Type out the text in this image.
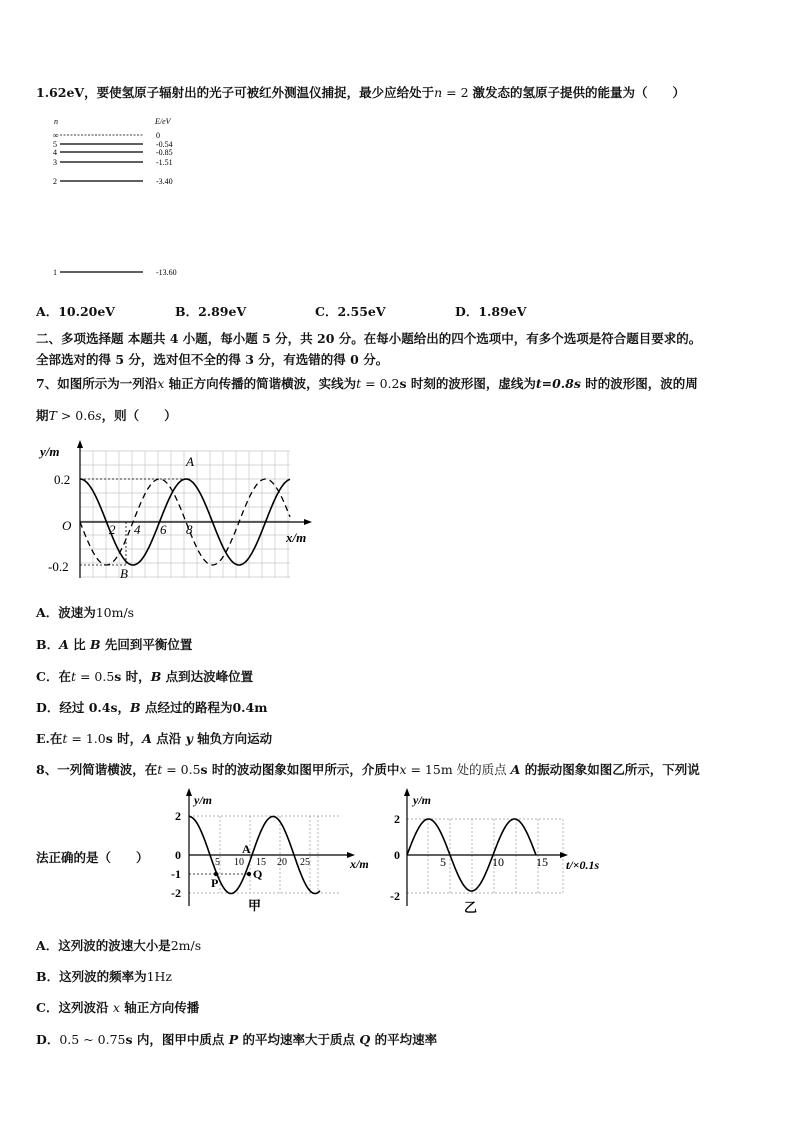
1.62eV，要使氢原子辐射出的光子可被红外测温仪捕捉，最少应给处于n = 2 激发态的氢原子提供的能量为（　　）
n	E/eV
∞	0
5	-0.54
4	-0.85
3	-1.51
2	-3.40
1	-13.60
A．10.20eV	B．2.89eV	C．2.55eV	D．1.89eV
二、多项选择题 本题共 4 小题，每小题 5 分，共 20 分。在每小题给出的四个选项中，有多个选项是符合题目要求的。
全部选对的得 5 分，选对但不全的得 3 分，有选错的得 0 分。
7、如图所示为一列沿x 轴正方向传播的简谐横波，实线为t = 0.2s 时刻的波形图，虚线为t=0.8s 时的波形图，波的周
期T > 0.6s，则（　　）
y/m
x/m
O
0.2
-0.2
2 4 6 8
A
B
A．波速为10m/s
B．A 比 B 先回到平衡位置
C．在t = 0.5s 时，B 点到达波峰位置
D．经过 0.4s，B 点经过的路程为0.4m
E.在t = 1.0s 时，A 点沿 y 轴负方向运动
8、一列简谐横波，在t = 0.5s 时的波动图象如图甲所示，介质中x = 15m 处的质点 A 的振动图象如图乙所示，下列说
法正确的是（　　）
y/m
x/m
2
0
-1
-2
5 10 15 20 25
A
P
Q
甲
y/m
t/×0.1s
2
0
-2
5	10	15
乙
A．这列波的波速大小是2m/s
B．这列波的频率为1Hz
C．这列波沿 x 轴正方向传播
D．0.5 ~ 0.75s 内，图甲中质点 P 的平均速率大于质点 Q 的平均速率
